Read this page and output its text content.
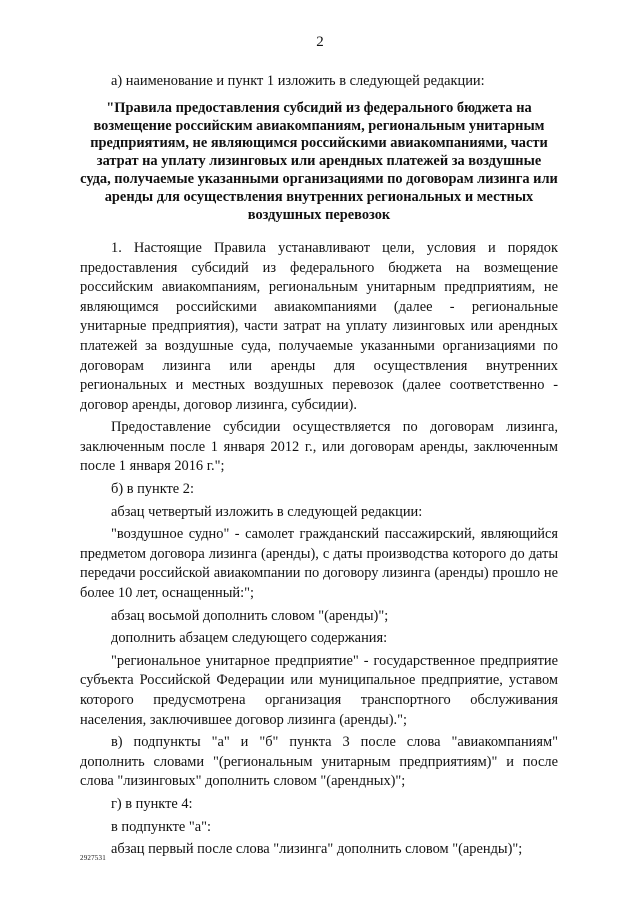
2
а) наименование и пункт 1 изложить в следующей редакции:
"Правила предоставления субсидий из федерального бюджета на возмещение российским авиакомпаниям, региональным унитарным предприятиям, не являющимся российскими авиакомпаниями, части затрат на уплату лизинговых или арендных платежей за воздушные суда, получаемые указанными организациями по договорам лизинга или аренды для осуществления внутренних региональных и местных воздушных перевозок

1. Настоящие Правила устанавливают цели, условия и порядок предоставления субсидий из федерального бюджета на возмещение российским авиакомпаниям, региональным унитарным предприятиям, не являющимся российскими авиакомпаниями (далее - региональные унитарные предприятия), части затрат на уплату лизинговых или арендных платежей за воздушные суда, получаемые указанными организациями по договорам лизинга или аренды для осуществления внутренних региональных и местных воздушных перевозок (далее соответственно - договор аренды, договор лизинга, субсидии).

Предоставление субсидии осуществляется по договорам лизинга, заключенным после 1 января 2012 г., или договорам аренды, заключенным после 1 января 2016 г.";

б) в пункте 2:

абзац четвертый изложить в следующей редакции:

"воздушное судно" - самолет гражданский пассажирский, являющийся предметом договора лизинга (аренды), с даты производства которого до даты передачи российской авиакомпании по договору лизинга (аренды) прошло не более 10 лет, оснащенный:";

абзац восьмой дополнить словом "(аренды)";

дополнить абзацем следующего содержания:

"региональное унитарное предприятие" - государственное предприятие субъекта Российской Федерации или муниципальное предприятие, уставом которого предусмотрена организация транспортного обслуживания населения, заключившее договор лизинга (аренды).";

в) подпункты "а" и "б" пункта 3 после слова "авиакомпаниям" дополнить словами "(региональным унитарным предприятиям)" и после слова "лизинговых" дополнить словом "(арендных)";

г) в пункте 4:

в подпункте "а":

абзац первый после слова "лизинга" дополнить словом "(аренды)";

2927531
